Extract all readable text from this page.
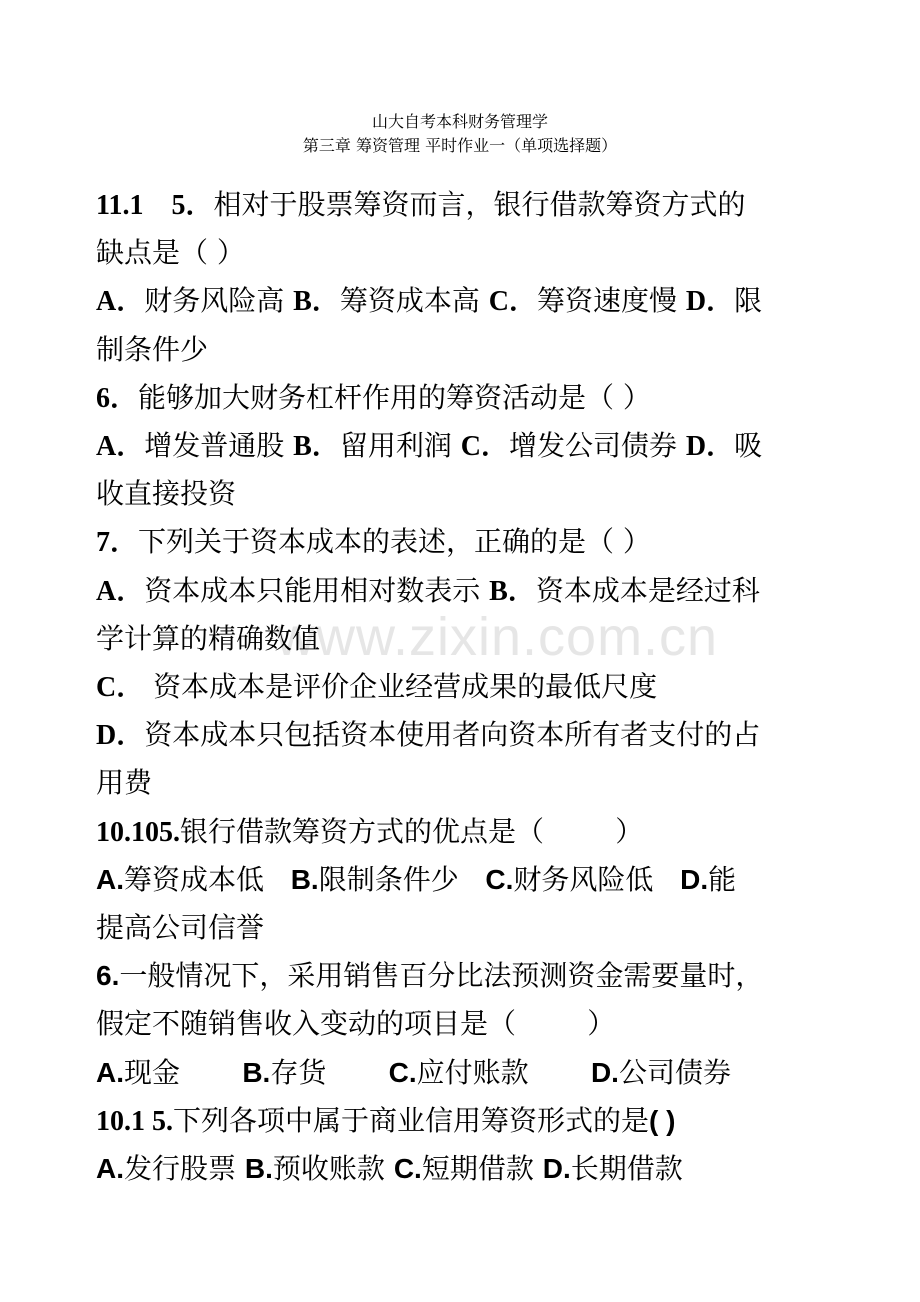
山大自考本科财务管理学
第三章 筹资管理 平时作业一（单项选择题）
www.zixin.com.cn
11.1    5．相对于股票筹资而言，银行借款筹资方式的
缺点是（ ）
A．财务风险高 B．筹资成本高 C．筹资速度慢 D．限
制条件少
6．能够加大财务杠杆作用的筹资活动是（ ）
A．增发普通股 B．留用利润 C．增发公司债券 D．吸
收直接投资
7．下列关于资本成本的表述，正确的是（ ）
A．资本成本只能用相对数表示 B．资本成本是经过科
学计算的精确数值
C． 资本成本是评价企业经营成果的最低尺度
D．资本成本只包括资本使用者向资本所有者支付的占
用费
10.105.银行借款筹资方式的优点是（        ）
A.筹资成本低   B.限制条件少   C.财务风险低   D.能
提高公司信誉
6.一般情况下，采用销售百分比法预测资金需要量时，
假定不随销售收入变动的项目是（        ）
A.现金       B.存货       C.应付账款       D.公司债券
10.1 5.下列各项中属于商业信用筹资形式的是( )
A.发行股票 B.预收账款 C.短期借款 D.长期借款
